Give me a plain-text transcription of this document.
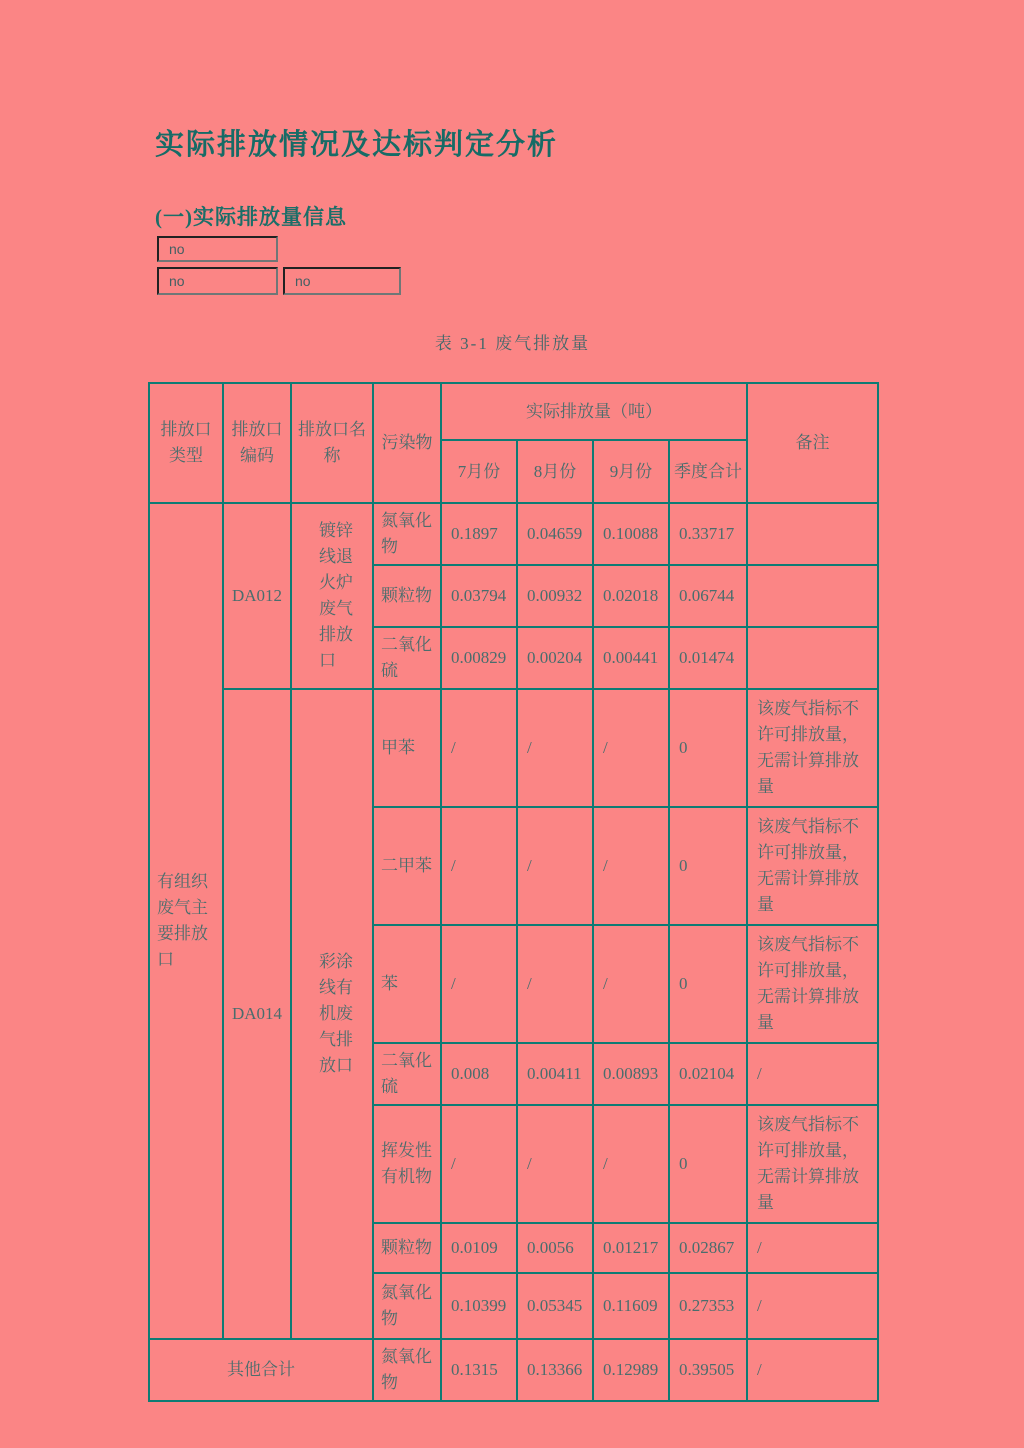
实际排放情况及达标判定分析
(一)实际排放量信息
no
no
no
表 3-1 废气排放量
排放口类型	排放口编码	排放口名称	污染物	实际排放量（吨）				备注
				7月份	8月份	9月份	季度合计	
有组织废气主要排放口	DA012	镀锌线退火炉废气排放口	氮氧化物	0.1897	0.04659	0.10088	0.33717	
			颗粒物	0.03794	0.00932	0.02018	0.06744	
			二氧化硫	0.00829	0.00204	0.00441	0.01474	
	DA014	彩涂线有机废气排放口	甲苯	/	/	/	0	该废气指标不许可排放量，无需计算排放量
			二甲苯	/	/	/	0	该废气指标不许可排放量，无需计算排放量
			苯	/	/	/	0	该废气指标不许可排放量，无需计算排放量
			二氧化硫	0.008	0.00411	0.00893	0.02104	/
			挥发性有机物	/	/	/	0	该废气指标不许可排放量，无需计算排放量
			颗粒物	0.0109	0.0056	0.01217	0.02867	/
			氮氧化物	0.10399	0.05345	0.11609	0.27353	/
其他合计			氮氧化物	0.1315	0.13366	0.12989	0.39505	/
